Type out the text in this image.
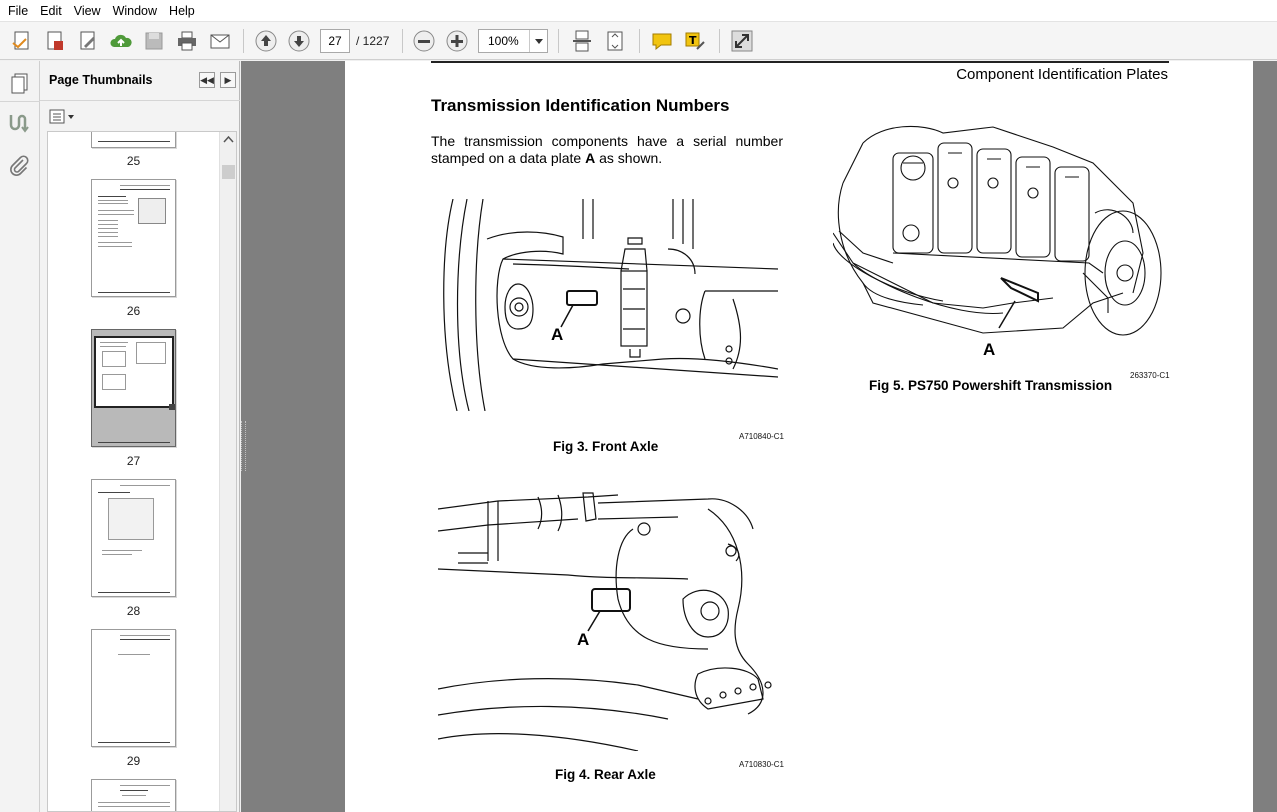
File Edit View Window Help
27	/ 1227	100%	T
Page Thumbnails	◀◀ ▶
25
26
27
28
29
Component Identification Plates
Transmission Identification Numbers
The transmission components have a serial number stamped on a data plate A as shown.
A
Fig 3. Front Axle
A710840-C1
A
Fig 4. Rear Axle
A710830-C1
A
Fig 5. PS750 Powershift Transmission
263370-C1
